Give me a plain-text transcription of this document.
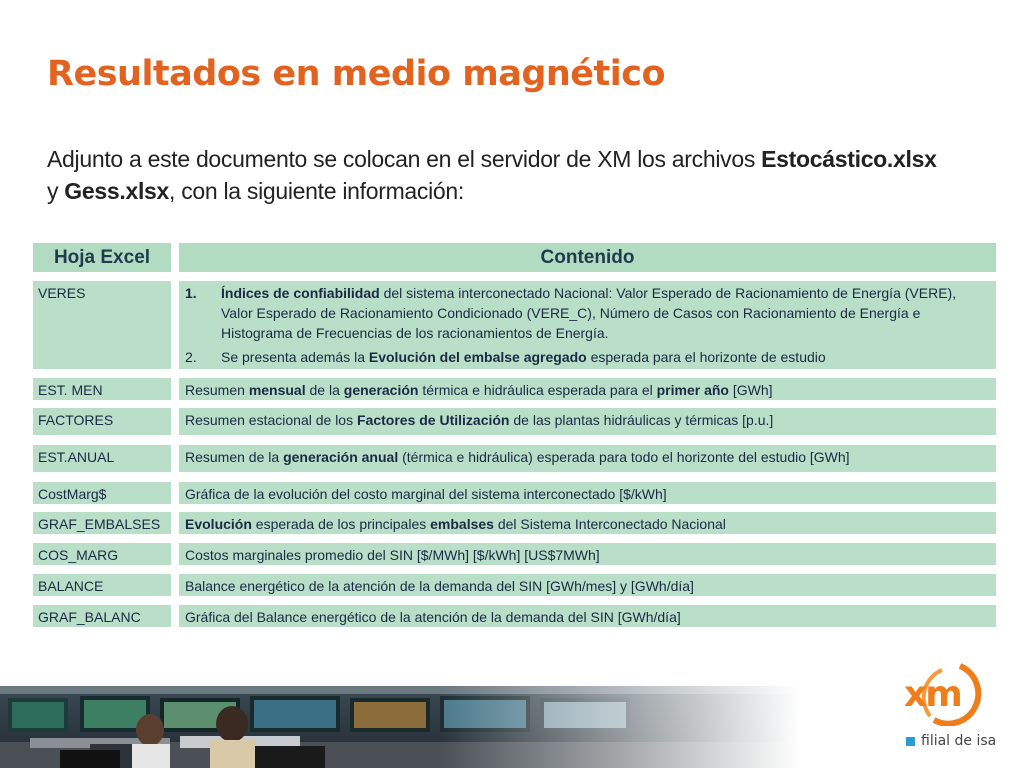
Resultados en medio magnético

Adjunto a este documento se colocan en el servidor de XM los archivos Estocástico.xlsx
y Gess.xlsx, con la siguiente información:

Hoja Excel	Contenido
VERES	1. Índices de confiabilidad del sistema interconectado Nacional: Valor Esperado de Racionamiento de Energía (VERE),
Valor Esperado de Racionamiento Condicionado (VERE_C), Número de Casos con Racionamiento de Energía e
Histograma de Frecuencias de los racionamientos de Energía.
2. Se presenta además la Evolución del embalse agregado esperada para el horizonte de estudio
EST. MEN	Resumen mensual de la generación térmica e hidráulica esperada para el primer año [GWh]
FACTORES	Resumen estacional de los Factores de Utilización de las plantas hidráulicas y térmicas [p.u.]
EST.ANUAL	Resumen de la generación anual (térmica e hidráulica) esperada para todo el horizonte del estudio [GWh]
CostMarg$	Gráfica de la evolución del costo marginal del sistema interconectado [$/kWh]
GRAF_EMBALSES	Evolución esperada de los principales embalses del Sistema Interconectado Nacional
COS_MARG	Costos marginales promedio del SIN [$/MWh] [$/kWh] [US$7MWh]
BALANCE	Balance energético de la atención de la demanda del SIN [GWh/mes] y [GWh/día]
GRAF_BALANC	Gráfica del Balance energético de la atención de la demanda del SIN [GWh/día]
xm
filial de isa
